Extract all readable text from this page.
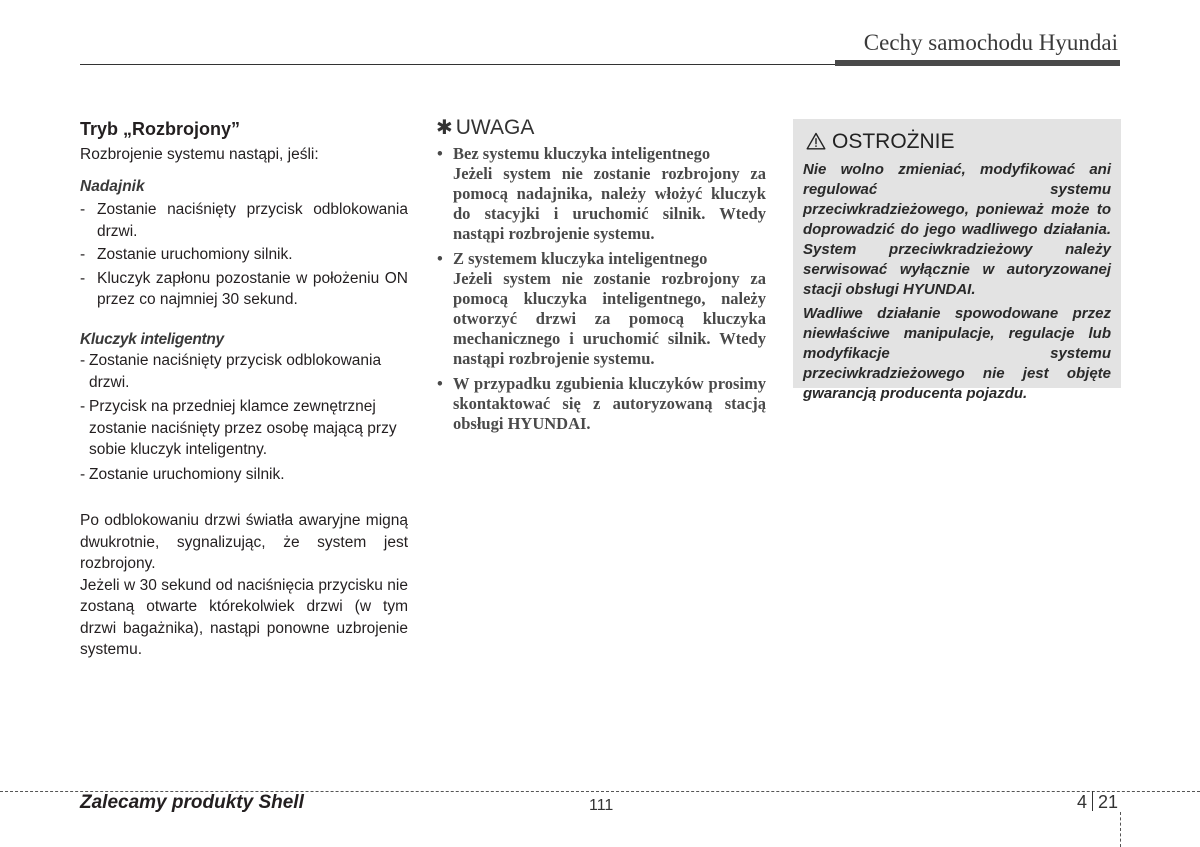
Cechy samochodu Hyundai
Tryb „Rozbrojony”

Rozbrojenie systemu nastąpi, jeśli:

Nadajnik
- Zostanie naciśnięty przycisk odblokowania drzwi.
- Zostanie uruchomiony silnik.
- Kluczyk zapłonu pozostanie w położeniu ON przez co najmniej 30 sekund.
Kluczyk inteligentny
- Zostanie naciśnięty przycisk odblokowania drzwi.
- Przycisk na przedniej klamce zewnętrznej zostanie naciśnięty przez osobę mającą przy sobie kluczyk inteligentny.
- Zostanie uruchomiony silnik.

Po odblokowaniu drzwi światła awaryjne migną dwukrotnie, sygnalizując, że system jest rozbrojony.

Jeżeli w 30 sekund od naciśnięcia przycisku nie zostaną otwarte którekolwiek drzwi (w tym drzwi bagażnika), nastąpi ponowne uzbrojenie systemu.

✱ UWAGA
• Bez systemu kluczyka inteligentnego
Jeżeli system nie zostanie rozbrojony za pomocą nadajnika, należy włożyć kluczyk do stacyjki i uruchomić silnik. Wtedy nastąpi rozbrojenie systemu.
• Z systemem kluczyka inteligentnego
Jeżeli system nie zostanie rozbrojony za pomocą kluczyka inteligentnego, należy otworzyć drzwi za pomocą kluczyka mechanicznego i uruchomić silnik. Wtedy nastąpi rozbrojenie systemu.
• W przypadku zgubienia kluczyków prosimy skontaktować się z autoryzowaną stacją obsługi HYUNDAI.
OSTROŻNIE

Nie wolno zmieniać, modyfikować ani regulować systemu przeciwkradzieżowego, ponieważ może to doprowadzić do jego wadliwego działania. System przeciwkradzieżowy należy serwisować wyłącznie w autoryzowanej stacji obsługi HYUNDAI.

Wadliwe działanie spowodowane przez niewłaściwe manipulacje, regulacje lub modyfikacje systemu przeciwkradzieżowego nie jest objęte gwarancją producenta pojazdu.

Zalecamy produkty Shell	111	4 21
